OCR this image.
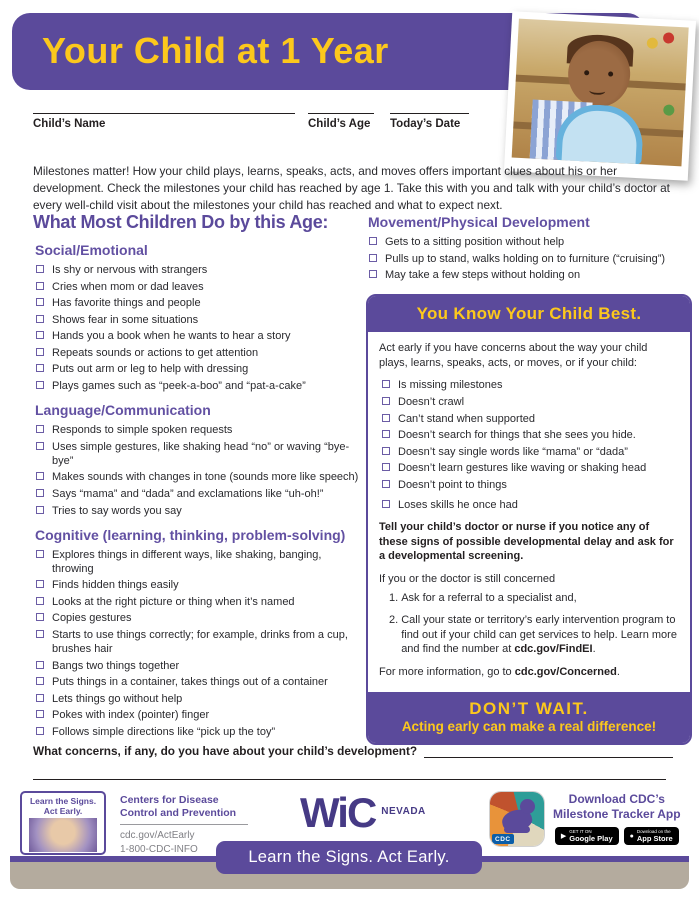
Your Child at 1 Year
Child’s Name	Child’s Age	Today’s Date
Milestones matter! How your child plays, learns, speaks, acts, and moves offers important clues about his or her development. Check the milestones your child has reached by age 1. Take this with you and talk with your child’s doctor at every well-child visit about the milestones your child has reached and what to expect next.
What Most Children Do by this Age:
Social/Emotional
Is shy or nervous with strangers
Cries when mom or dad leaves
Has favorite things and people
Shows fear in some situations
Hands you a book when he wants to hear a story
Repeats sounds or actions to get attention
Puts out arm or leg to help with dressing
Plays games such as “peek-a-boo” and “pat-a-cake”
Language/Communication
Responds to simple spoken requests
Uses simple gestures, like shaking head “no” or waving “bye-bye”
Makes sounds with changes in tone (sounds more like speech)
Says “mama” and “dada” and exclamations like “uh-oh!”
Tries to say words you say
Cognitive (learning, thinking, problem-solving)
Explores things in different ways, like shaking, banging, throwing
Finds hidden things easily
Looks at the right picture or thing when it’s named
Copies gestures
Starts to use things correctly; for example, drinks from a cup, brushes hair
Bangs two things together
Puts things in a container, takes things out of a container
Lets things go without help
Pokes with index (pointer) finger
Follows simple directions like “pick up the toy”
Movement/Physical Development
Gets to a sitting position without help
Pulls up to stand, walks holding on to furniture (“cruising”)
May take a few steps without holding on
You Know Your Child Best.

Act early if you have concerns about the way your child plays, learns, speaks, acts, or moves, or if your child:

Is missing milestones
Doesn’t crawl
Can’t stand when supported
Doesn’t search for things that she sees you hide.
Doesn’t say single words like “mama” or “dada”
Doesn’t learn gestures like waving or shaking head
Doesn’t point to things
Loses skills he once had

Tell your child’s doctor or nurse if you notice any of these signs of possible developmental delay and ask for a developmental screening.

If you or the doctor is still concerned

1. Ask for a referral to a specialist and,
2. Call your state or territory’s early intervention program to find out if your child can get services to help. Learn more and find the number at cdc.gov/FindEI.

For more information, go to cdc.gov/Concerned.

DON’T WAIT.
Acting early can make a real difference!
What concerns, if any, do you have about your child’s development?
Learn the Signs.
Act Early.
Centers for Disease
Control and Prevention
cdc.gov/ActEarly
1-800-CDC-INFO
WiC NEVADA
CDC
Download CDC’s
Milestone Tracker App
▶
GET IT ON
Google Play ●
Download on the
App Store
Learn the Signs. Act Early.
